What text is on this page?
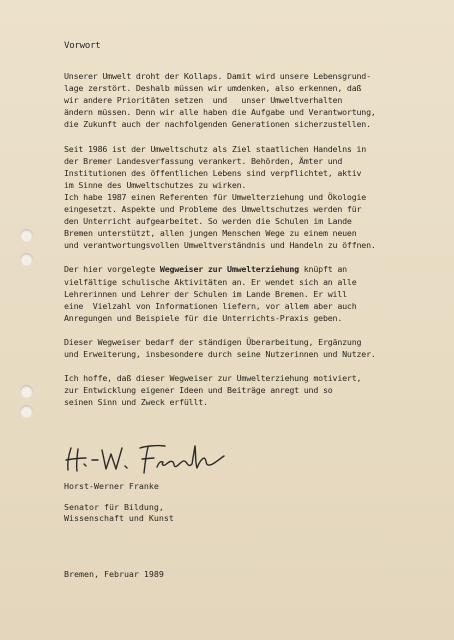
Vorwort
Unserer Umwelt droht der Kollaps. Damit wird unsere Lebensgrund-
lage zerstört. Deshalb müssen wir umdenken, also erkennen, daß
wir andere Prioritäten setzen  und   unser Umweltverhalten
ändern müssen. Denn wir alle haben die Aufgabe und Verantwortung,
die Zukunft auch der nachfolgenden Generationen sicherzustellen.
Seit 1986 ist der Umweltschutz als Ziel staatlichen Handelns in
der Bremer Landesverfassung verankert. Behörden, Ämter und
Institutionen des öffentlichen Lebens sind verpflichtet, aktiv
im Sinne des Umweltschutzes zu wirken.
Ich habe 1987 einen Referenten für Umwelterziehung und Ökologie
eingesetzt. Aspekte und Probleme des Umweltschutzes werden für
den Unterricht aufgearbeitet. So werden die Schulen im Lande
Bremen unterstützt, allen jungen Menschen Wege zu einem neuen
und verantwortungsvollen Umweltverständnis und Handeln zu öffnen.
Der hier vorgelegte Wegweiser zur Umwelterziehung knüpft an
vielfältige schulische Aktivitäten an. Er wendet sich an alle
Lehrerinnen und Lehrer der Schulen im Lande Bremen. Er will
eine  Vielzahl von Informationen liefern, vor allem aber auch
Anregungen und Beispiele für die Unterrichts-Praxis geben.
Dieser Wegweiser bedarf der ständigen Überarbeitung, Ergänzung
und Erweiterung, insbesondere durch seine Nutzerinnen und Nutzer.
Ich hoffe, daß dieser Wegweiser zur Umwelterziehung motiviert,
zur Entwicklung eigener Ideen und Beiträge anregt und so
seinen Sinn und Zweck erfüllt.
Horst-Werner Franke
Senator für Bildung,
Wissenschaft und Kunst
Bremen, Februar 1989
